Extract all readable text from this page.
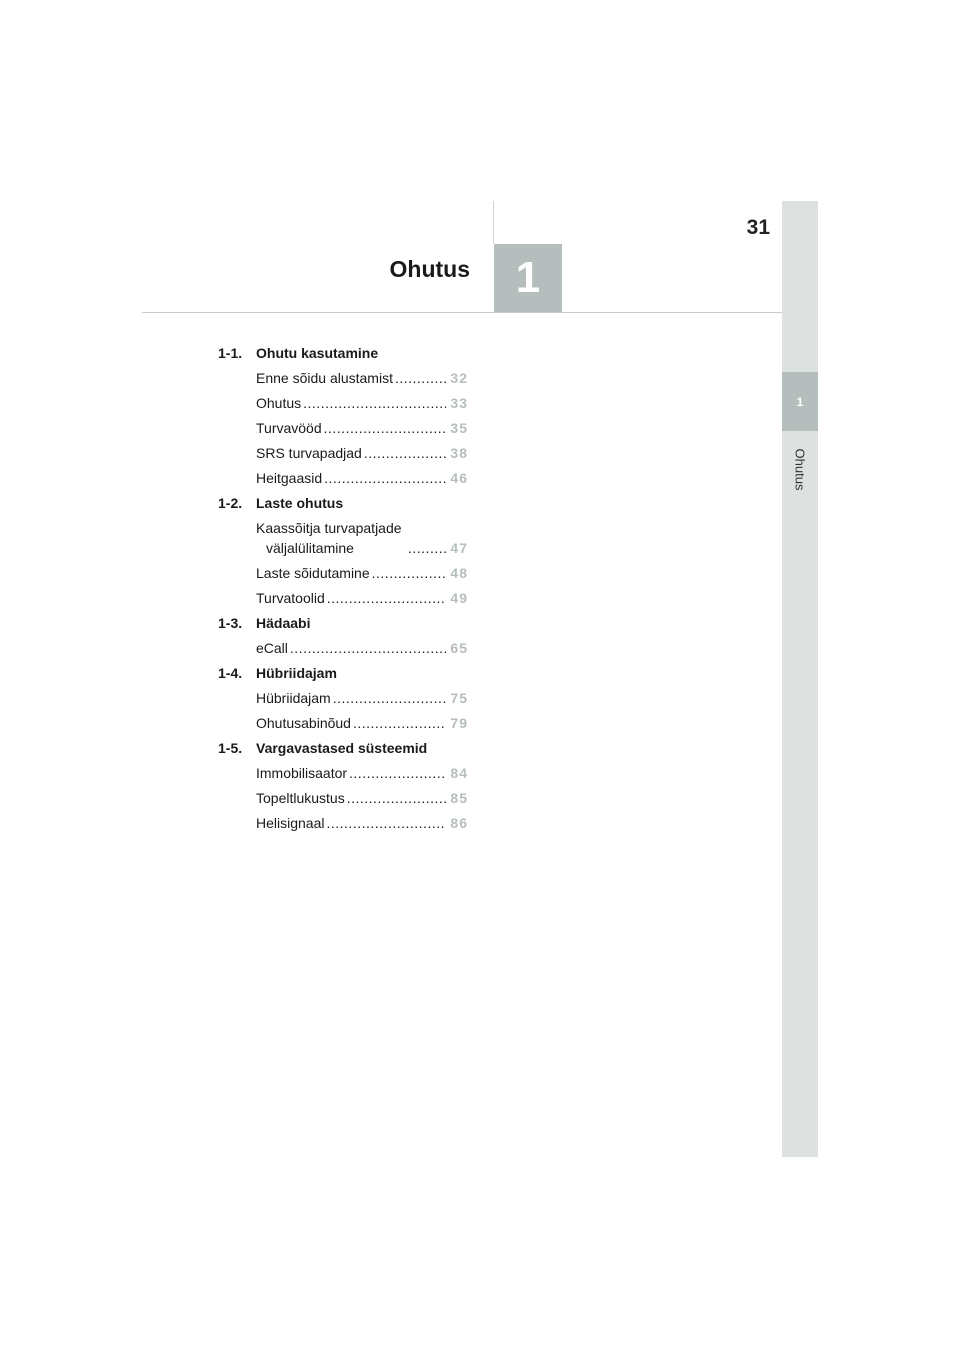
31
Ohutus	1
1
Ohutus
1-1. Ohutu kasutamine
Enne sõidu alustamist .....	32
Ohutus .....	33
Turvavööd .....	35
SRS turvapadjad .....	38
Heitgaasid .....	46
1-2. Laste ohutus
Kaassõitja turvapatjade
väljalülitamine .....	47
Laste sõidutamine .....	48
Turvatoolid .....	49
1-3. Hädaabi
eCall .....	65
1-4. Hübriidajam
Hübriidajam .....	75
Ohutusabinõud .....	79
1-5. Vargavastased süsteemid
Immobilisaator .....	84
Topeltlukustus .....	85
Helisignaal .....	86
